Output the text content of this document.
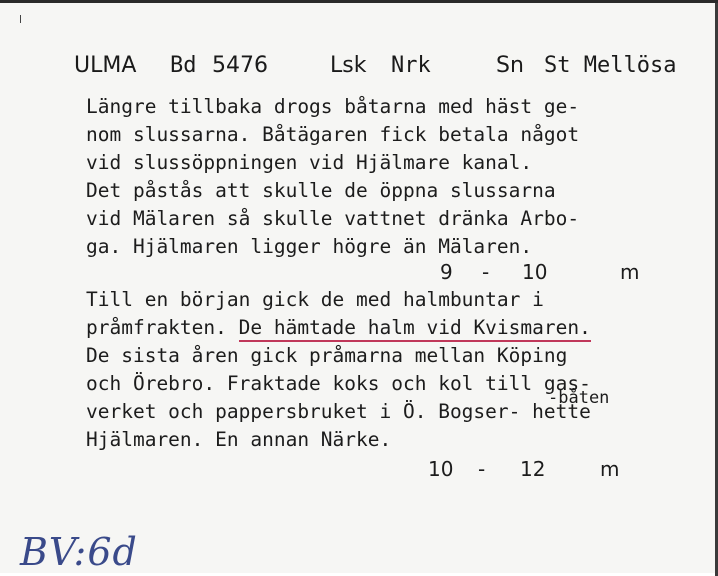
ULMA Bd 5476	Lsk Nrk	Sn St Mellösa
Längre tillbaka drogs båtarna med häst ge-
nom slussarna. Båtägaren fick betala något
vid slussöppningen vid Hjälmare kanal.
Det påstås att skulle de öppna slussarna
vid Mälaren så skulle vattnet dränka Arbo-
ga. Hjälmaren ligger högre än Mälaren.
Till en början gick de med halmbuntar i
pråmfrakten. De hämtade halm vid Kvismaren.
De sista åren gick pråmarna mellan Köping
och Örebro. Fraktade koks och kol till gas-
verket och pappersbruket i Ö. Bogser- hette
Hjälmaren. En annan Närke.
-båten
9 - 10	m
10 - 12	m
BV:6d
